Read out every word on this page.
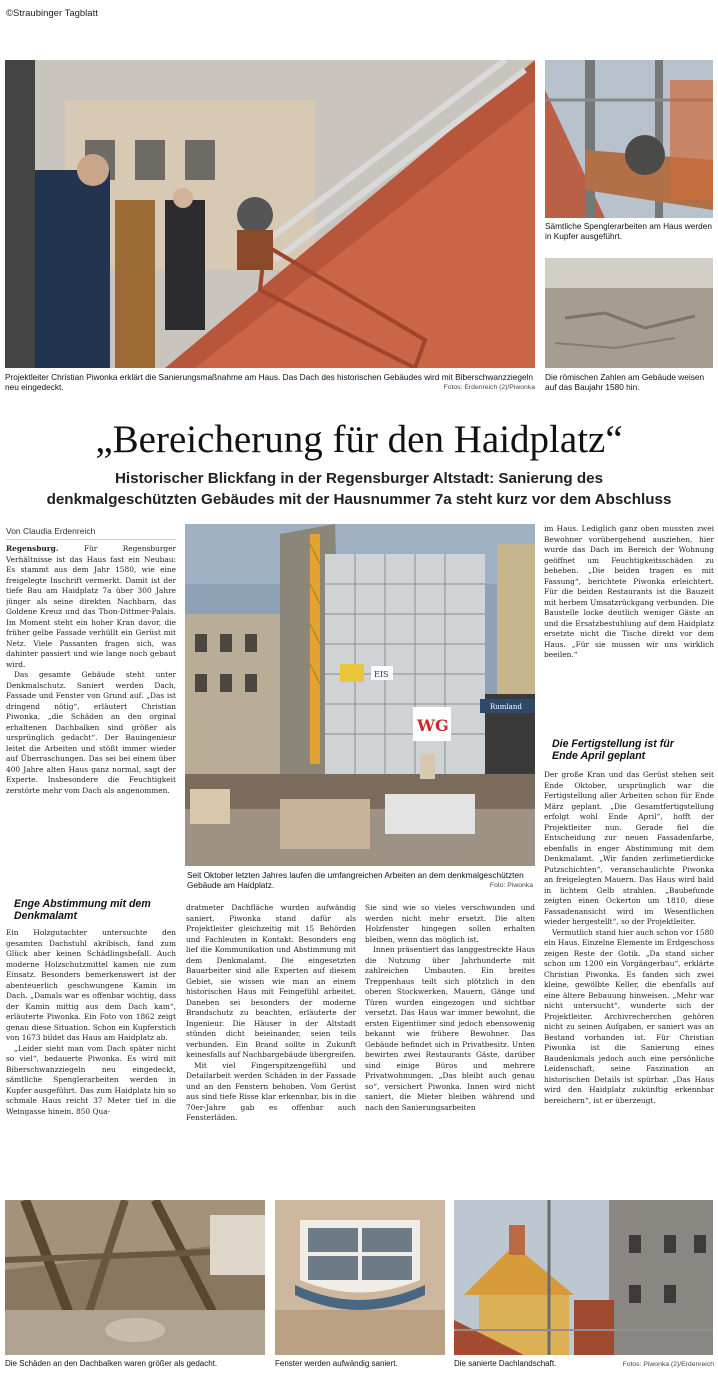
©Straubinger Tagblatt
Projektleiter Christian Piwonka erklärt die Sanierungsmaßnahme am Haus. Das Dach des historischen Gebäudes wird mit Biberschwanzziegeln neu eingedeckt.	Fotos: Erdenreich (2)/Piwonka
Sämtliche Spenglerarbeiten am Haus werden in Kupfer ausgeführt.
Die römischen Zahlen am Gebäude weisen auf das Baujahr 1580 hin.
„Bereicherung für den Haidplatz“
Historischer Blickfang in der Regensburger Altstadt: Sanierung des
denkmalgeschützten Gebäudes mit der Hausnummer 7a steht kurz vor dem Abschluss
Von Claudia Erdenreich

Regensburg.	Für Regensburger Verhältnisse ist das Haus fast ein Neubau: Es stammt aus dem Jahr 1580, wie eine freigelegte Inschrift vermerkt. Damit ist der tiefe Bau am Haidplatz 7a über 300 Jahre jünger als seine direkten Nachbarn, das Goldene Kreuz und das Thon-Dittmer-Palais. Im Moment steht ein hoher Kran davor, die früher gelbe Fassade verhüllt ein Gerüst mit Netz. Viele Passanten fragen sich, was dahinter passiert und wie lange noch gebaut wird.

Das gesamte Gebäude steht unter Denkmalschutz. Saniert werden Dach, Fassade und Fenster von Grund auf. „Das ist dringend nötig“, erläutert Christian Piwonka, „die Schäden an den orginal erhaltenen Dachbalken sind größer als ursprünglich gedacht“. Der Bauingenieur leitet die Arbeiten und stößt immer wieder auf Überraschungen. Das sei bei einem über 400 Jahre alten Haus ganz normal, sagt der Experte. Insbesondere die Feuchtigkeit zerstörte mehr vom Dach als angenommen.

Enge Abstimmung mit dem Denkmalamt

Ein Holzgutachter untersuchte den gesamten Dachstuhl akribisch, fand zum Glück aber keinen Schädlingsbefall. Auch moderne Holzschutzmittel kamen nie zum Einsatz. Besonders bemerkenswert ist der abenteuerlich geschwungene Kamin im Dach. „Damals war es offenbar wichtig, dass der Kamin mittig aus dem Dach kam“, erläuterte Piwonka. Ein Foto von 1862 zeigt genau diese Situation. Schon ein Kupferstich von 1673 bildet das Haus am Haidplatz ab.

„Leider sieht man vom Dach später nicht so viel“, bedauerte Piwonka. Es wird mit Biberschwanzziegeln neu eingedeckt, sämtliche Spenglerarbeiten werden in Kupfer ausgeführt. Das zum Haidplatz hin so schmale Haus reicht 37 Meter tief in die Weingasse hinein. 850 Qua-

EIS
WG
Rumland
Seit Oktober letzten Jahres laufen die umfangreichen Arbeiten an dem denkmalgeschützten Gebäude am Haidplatz.	Foto: Piwonka

dratmeter Dachfläche wurden aufwändig saniert. Piwonka stand dafür als Projektleiter gleichzeitig mit 15 Behörden und Fachleuten in Kontakt. Besonders eng lief die Kommunikation und Abstimmung mit dem Denkmalamt. Die eingesetzten Bauarbeiter sind alle Experten auf diesem Gebiet, sie wissen wie man an einem historischen Haus mit Feingefühl arbeitet. Daneben sei besonders der moderne Brandschutz zu beachten, erläuterte der Ingenieur. Die Häuser in der Altstadt stünden dicht beieinander, seien teils verbunden. Ein Brand sollte in Zukunft keinesfalls auf Nachbargebäude übergreifen.

Mit viel Fingerspitzengefühl und Detailarbeit werden Schäden in der Fassade und an den Fenstern behoben. Vom Gerüst aus sind tiefe Risse klar erkennbar, bis in die 70er-Jahre gab es offenbar auch Fensterläden.

Sie sind wie so vieles verschwunden und werden nicht mehr ersetzt. Die alten Holzfenster hingegen sollen erhalten bleiben, wenn das möglich ist.

Innen präsentiert das langgestreckte Haus die Nutzung über Jahrhunderte mit zahlreichen Umbauten. Ein breites Treppenhaus teilt sich plötzlich in den oberen Stockwerken, Mauern, Gänge und Türen wurden eingezogen und sichtbar versetzt. Das Haus war immer bewohnt, die ersten Eigentümer sind jedoch ebensowenig bekannt wie frühere Bewohner. Das Gebäude befindet sich in Privatbesitz. Unten bewirten zwei Restaurants Gäste, darüber sind einige Büros und mehrere Privatwohnungen. „Das bleibt auch genau so“, versichert Piwonka. Innen wird nicht saniert, die Mieter bleiben während und nach den Sanierungsarbeiten

im Haus. Lediglich ganz oben mussten zwei Bewohner vorübergehend ausziehen, hier wurde das Dach im Bereich der Wohnung geöffnet um Feuchtigkeitsschäden zu beheben. „Die beiden tragen es mit Fassung“, berichtete Piwonka erleichtert. Für die beiden Restaurants ist die Bauzeit mit herbem Umsatzrückgang verbunden. Die Baustelle locke deutlich weniger Gäste an und die Ersatzbestuhlung auf dem Haidplatz ersetzte nicht die Tische direkt vor dem Haus. „Für sie mussen wir uns wirklich beeilen.“

Die Fertigstellung ist für Ende April geplant

Der große Kran und das Gerüst stehen seit Ende Oktober, ursprünglich war die Fertigstellung aller Arbeiten schon für Ende März geplant. „Die Gesamtfertigstellung erfolgt wohl Ende April“, hofft der Projektleiter nun. Gerade fiel die Entscheidung zur neuen Fassadenfarbe, ebenfalls in enger Abstimmung mit dem Denkmalamt. „Wir fanden zerlimetierdicke Putzschichten“, veranschaulichte Piwonka an freigelegten Mauern. Das Haus wird bald in lichtem Gelb strahlen. „Baubefunde zeigten einen Ockerton um 1810, diese Fassadenansicht wird im Wesentlichen wieder hergestellt“, so der Projektleiter.

Vermutlich stand hier auch schon vor 1580 ein Haus. Einzelne Elemente im Erdgeschoss zeigen Reste der Gotik. „Da stand sicher schon um 1200 ein Vorgängerbau“, erklärte Christian Piwonka. Es fanden sich zwei kleine, gewölbte Keller, die ebenfalls auf eine ältere Bebauung hinweisen. „Mehr war nicht untersucht“, wunderte sich der Projektleiter. Archivrecherchen gehören nicht zu seinen Aufgaben, er saniert was an Bestand vorhanden ist. Für Christian Piwonka ist die Sanierung eines Baudenkmals jedoch auch eine persönliche Leidenschaft, seine Faszination an historischen Details ist spürbar. „Das Haus wird den Haidplatz zukünftig erkennbar bereichern“, ist er überzeugt.

Die Schäden an den Dachbalken waren größer als gedacht.	Fenster werden aufwändig saniert.	Die sanierte Dachlandschaft.	Fotos: Piwonka (2)/Erdenreich
